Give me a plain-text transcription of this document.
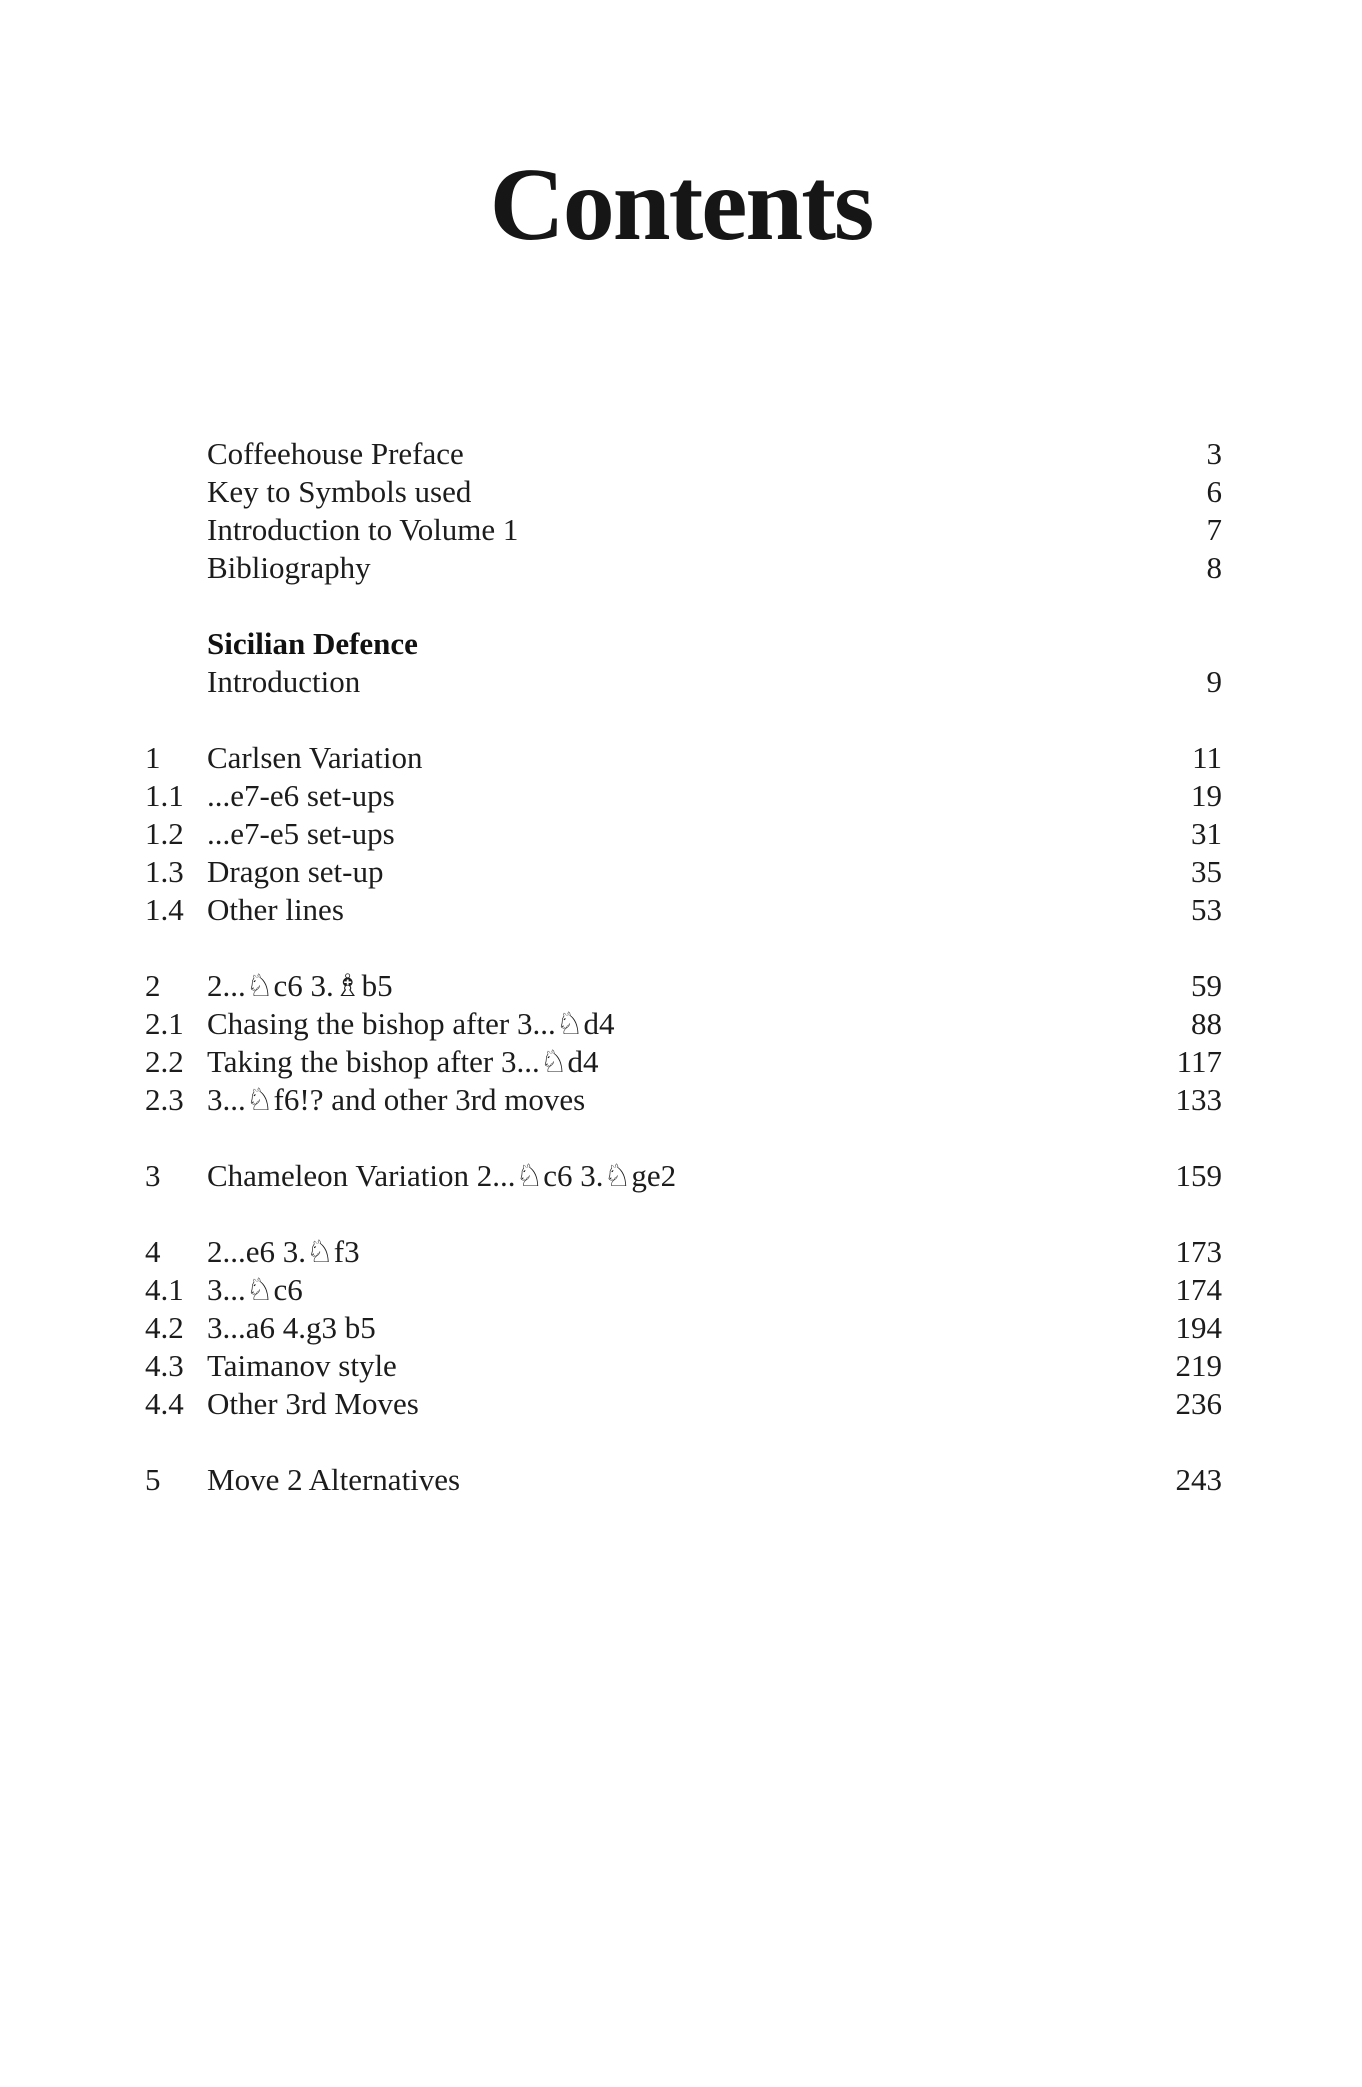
Contents
Coffeehouse Preface	3
Key to Symbols used	6
Introduction to Volume 1	7
Bibliography	8
Sicilian Defence
Introduction	9
1	Carlsen Variation	11
1.1 ...e7-e6 set-ups	19
1.2 ...e7-e5 set-ups	31
1.3 Dragon set-up	35
1.4 Other lines	53
2	2...♘c6 3.♗b5	59
2.1 Chasing the bishop after 3...♘d4	88
2.2 Taking the bishop after 3...♘d4	117
2.3 3...♘f6!? and other 3rd moves	133
3	Chameleon Variation 2...♘c6 3.♘ge2	159
4	2...e6 3.♘f3	173
4.1 3...♘c6	174
4.2 3...a6 4.g3 b5	194
4.3 Taimanov style	219
4.4 Other 3rd Moves	236
5	Move 2 Alternatives	243
